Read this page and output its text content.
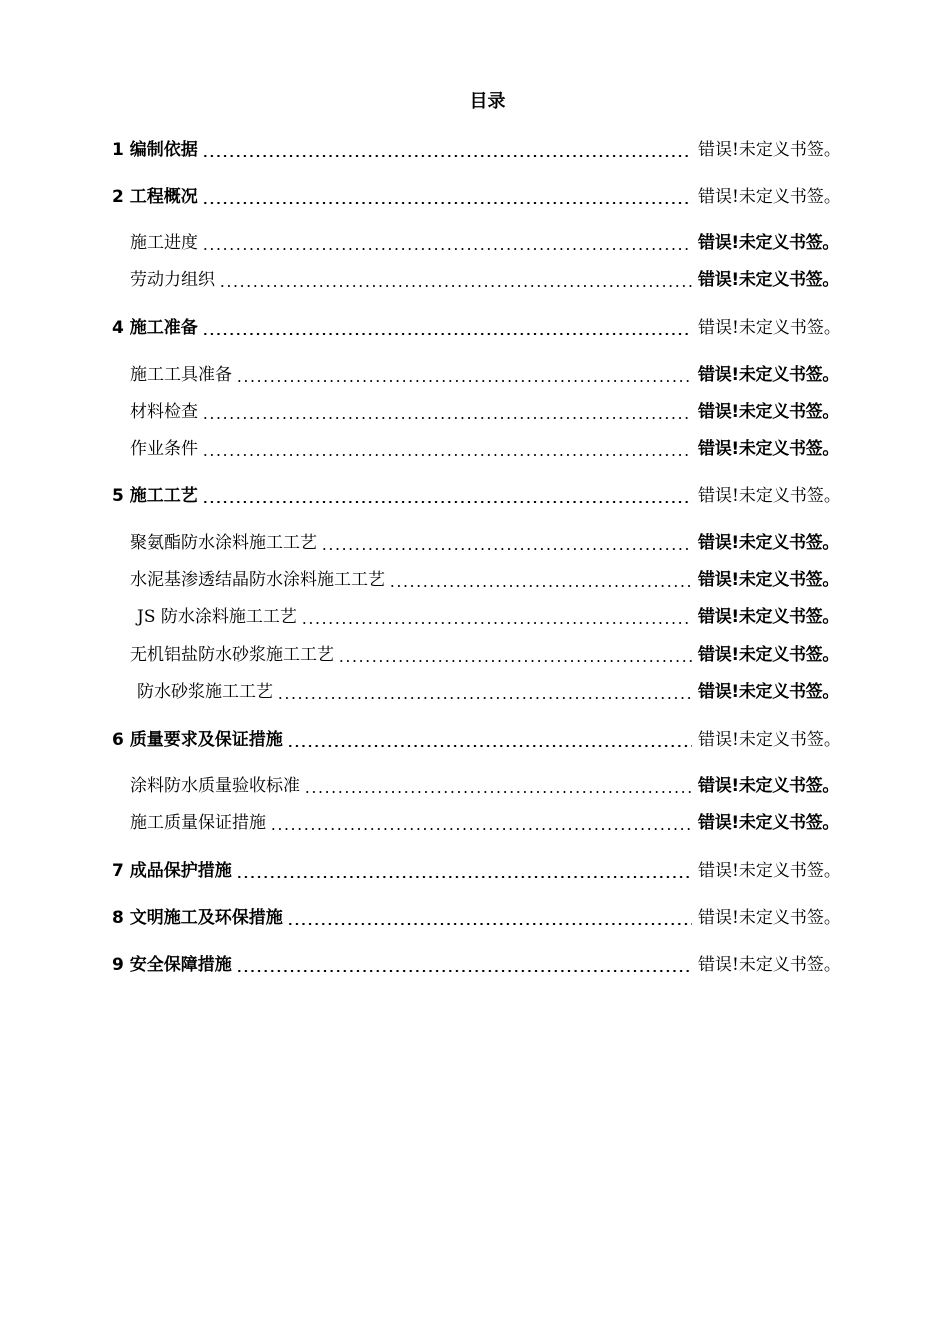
目录
1 编制依据	错误!未定义书签。
2 工程概况	错误!未定义书签。
施工进度	错误!未定义书签。
劳动力组织	错误!未定义书签。
4 施工准备	错误!未定义书签。
施工工具准备	错误!未定义书签。
材料检查	错误!未定义书签。
作业条件	错误!未定义书签。
5 施工工艺	错误!未定义书签。
聚氨酯防水涂料施工工艺	错误!未定义书签。
水泥基渗透结晶防水涂料施工工艺	错误!未定义书签。
JS 防水涂料施工工艺	错误!未定义书签。
无机铝盐防水砂浆施工工艺	错误!未定义书签。
防水砂浆施工工艺	错误!未定义书签。
6 质量要求及保证措施	错误!未定义书签。
涂料防水质量验收标准	错误!未定义书签。
施工质量保证措施	错误!未定义书签。
7 成品保护措施	错误!未定义书签。
8 文明施工及环保措施	错误!未定义书签。
9 安全保障措施	错误!未定义书签。
